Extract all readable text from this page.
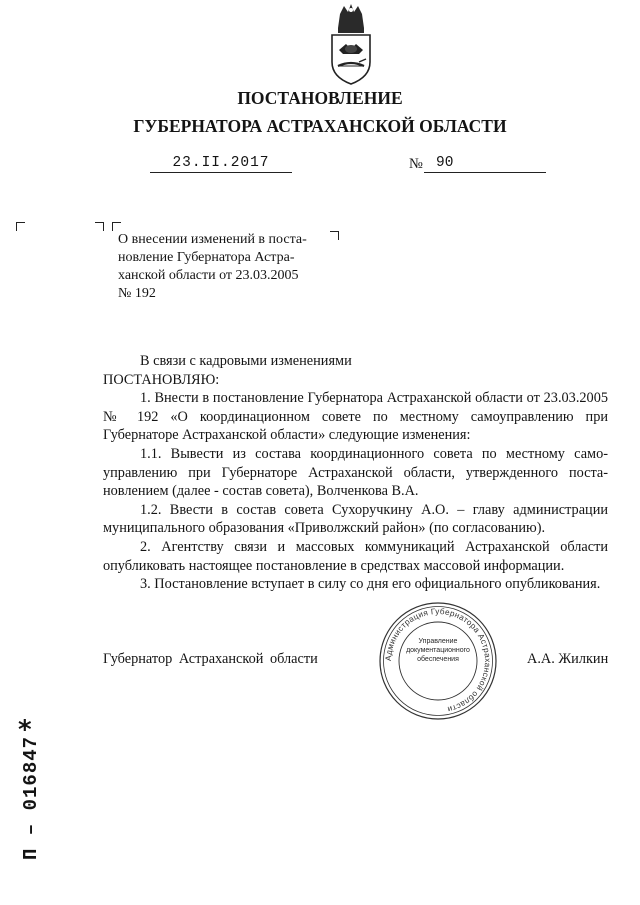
ПОСТАНОВЛЕНИЕ
ГУБЕРНАТОРА АСТРАХАНСКОЙ ОБЛАСТИ
23.II.2017	№ 90
О внесении изменений в поста-
новление Губернатора Астра-
ханской области от 23.03.2005
№ 192

В связи с кадровыми изменениями

ПОСТАНОВЛЯЮ:

1. Внести в постановление Губернатора Астраханской области от 23.03.2005 № 192 «О координационном совете по местному самоуправлению при Губернаторе Астраханской области» следующие изменения:

1.1. Вывести из состава координационного совета по местному самоуправлению при Губернаторе Астраханской области, утвержденного постановлением (далее - состав совета), Волченкова В.А.

1.2. Ввести в состав совета Сухоручкину А.О. – главу администрации муниципального образования «Приволжский район» (по согласованию).

2. Агентству связи и массовых коммуникаций Астраханской области опубликовать настоящее постановление в средствах массовой информации.

3. Постановление вступает в силу со дня его официального опубликования.

Губернатор Астраханской области	А.А. Жилкин
Администрация Губернатора Астраханской области
Управление
документационного
обеспечения
*
П – 016847
